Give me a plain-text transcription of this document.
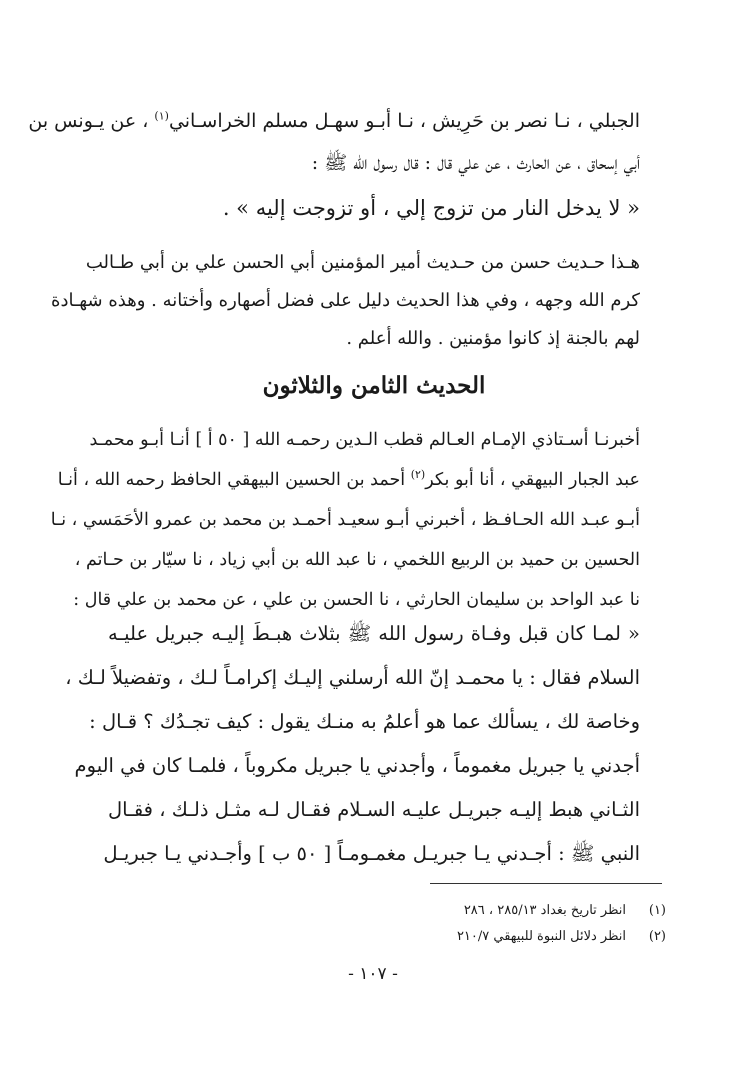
الجبلي ، نـا نصر بن حَرِيش ، نـا أبـو سهـل مسلم الخراسـاني$^{(١)}$ ، عن يـونس بن
أبي إسحاق ، عن الحارث ، عن علي قال : قال رسول الله ﷺ :
« لا يدخل النار من تزوج إلي ، أو تزوجت إليه » .
هـذا حـديث حسن من حـديث أمير المؤمنين أبي الحسن علي بن أبي طـالب
كرم الله وجهه ، وفي هذا الحديث دليل على فضل أصهاره وأختانه . وهذه شهـادة
لهم بالجنة إذ كانوا مؤمنين . والله أعلم .
الحديث الثامن والثلاثون
أخبرنـا أسـتاذي الإمـام العـالم قطب الـدين رحمـه الله [ ٥٠ أ ] أنـا أبـو محمـد
عبد الجبار البيهقي ، أنا أبو بكر$^{(٢)}$ أحمد بن الحسين البيهقي الحافظ رحمه الله ، أنـا
أبـو عبـد الله الحـافـظ ، أخبرني أبـو سعيـد أحمـد بن محمد بن عمرو الأحَمَسي ، نـا
الحسين بن حميد بن الربيع اللخمي ، نا عبد الله بن أبي زياد ، نا سيّار بن حـاتم ،
نا عبد الواحد بن سليمان الحارثي ، نا الحسن بن علي ، عن محمد بن علي قال :
« لمـا كان قبل وفـاة رسول الله ﷺ بثلاث هبـطَ إليـه جبريل عليـه
السلام فقال : يا محمـد إنّ الله أرسلني إليـك إكرامـاً لـك ، وتفضيلاً لـك ،
وخاصة لك ، يسألك عما هو أعلمُ به منـك يقول : كيف تجـدُك ؟ قـال :
أجدني يا جبريل مغموماً ، وأجدني يا جبريل مكروباً ، فلمـا كان في اليوم
الثـاني هبط إليـه جبريـل عليـه السـلام فقـال لـه مثـل ذلـك ، فقـال
النبي ﷺ : أجـدني يـا جبريـل مغمـومـاً [ ٥٠ ب ] وأجـدني يـا جبريـل
(١)انظر تاريخ بغداد ٢٨٥/١٣ ، ٢٨٦
(٢)انظر دلائل النبوة للبيهقي ٢١٠/٧
- ١٠٧ -
